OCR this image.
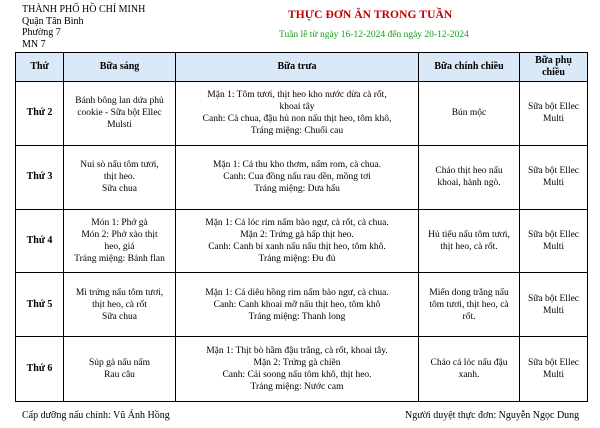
THÀNH PHỐ HỒ CHÍ MINH
Quận Tân Bình
Phường 7
MN 7
THỰC ĐƠN ĂN TRONG TUẦN
Tuần lễ từ ngày 16-12-2024 đến ngày 20-12-2024
Thứ	Bữa sáng	Bữa trưa	Bữa chính chiều	Bữa phụ chiều
Thứ 2	Bánh bông lan dứa phủ
cookie - Sữa bột Ellec
Mulsti	Mặn 1: Tôm tươi, thịt heo kho nước dừa cà rốt,
khoai tây
Canh: Cà chua, đậu hủ non nấu thịt heo, tôm khô,
Tráng miệng: Chuối cau	Bún mộc	Sữa bột Ellec
Multi

Thứ 3	Nui sò nấu tôm tươi,
thịt heo.
Sữa chua	Mặn 1: Cá thu kho thơm, nấm rom, cà chua.
Canh: Cua đồng nấu rau dền, mồng tơi
Tráng miệng: Dưa hấu	Cháo thịt heo nấu
khoai, hành ngò.	Sữa bột Ellec
Multi

Thứ 4	Món 1: Phở gà
Món 2: Phở xào thịt
heo, giá
Tráng miệng: Bánh flan	Mặn 1: Cá lóc rim nấm bào ngư, cà rốt, cà chua.
Mặn 2: Trứng gà hấp thịt heo.
Canh: Canh bí xanh nấu nấu thịt heo, tôm khô.
Tráng miệng: Đu đủ	Hủ tiếu nấu tôm tươi,
thịt heo, cà rốt.	Sữa bột Ellec
Multi

Thứ 5	Mì trứng nấu tôm tươi,
thịt heo, cà rốt
Sữa chua	Mặn 1: Cá diêu hồng rim nấm bào ngư, cà chua.
Canh: Canh khoai mỡ nấu thịt heo, tôm khô
Tráng miệng: Thanh long	Miến dong trắng nấu
tôm tươi, thịt heo, cà
rốt.	Sữa bột Ellec
Multi

Thứ 6	Súp gà nấu nấm
Rau câu	Mặn 1: Thịt bò hầm đậu trắng, cà rốt, khoai tây.
Mặn 2: Trứng gà chiên
Canh: Cải soong nấu tôm khô, thịt heo.
Tráng miệng: Nước cam	Cháo cá lóc nấu đậu
xanh.	Sữa bột Ellec
Multi
Cấp dưỡng nấu chính: Vũ Ánh Hồng	Người duyệt thực đơn: Nguyễn Ngọc Dung
